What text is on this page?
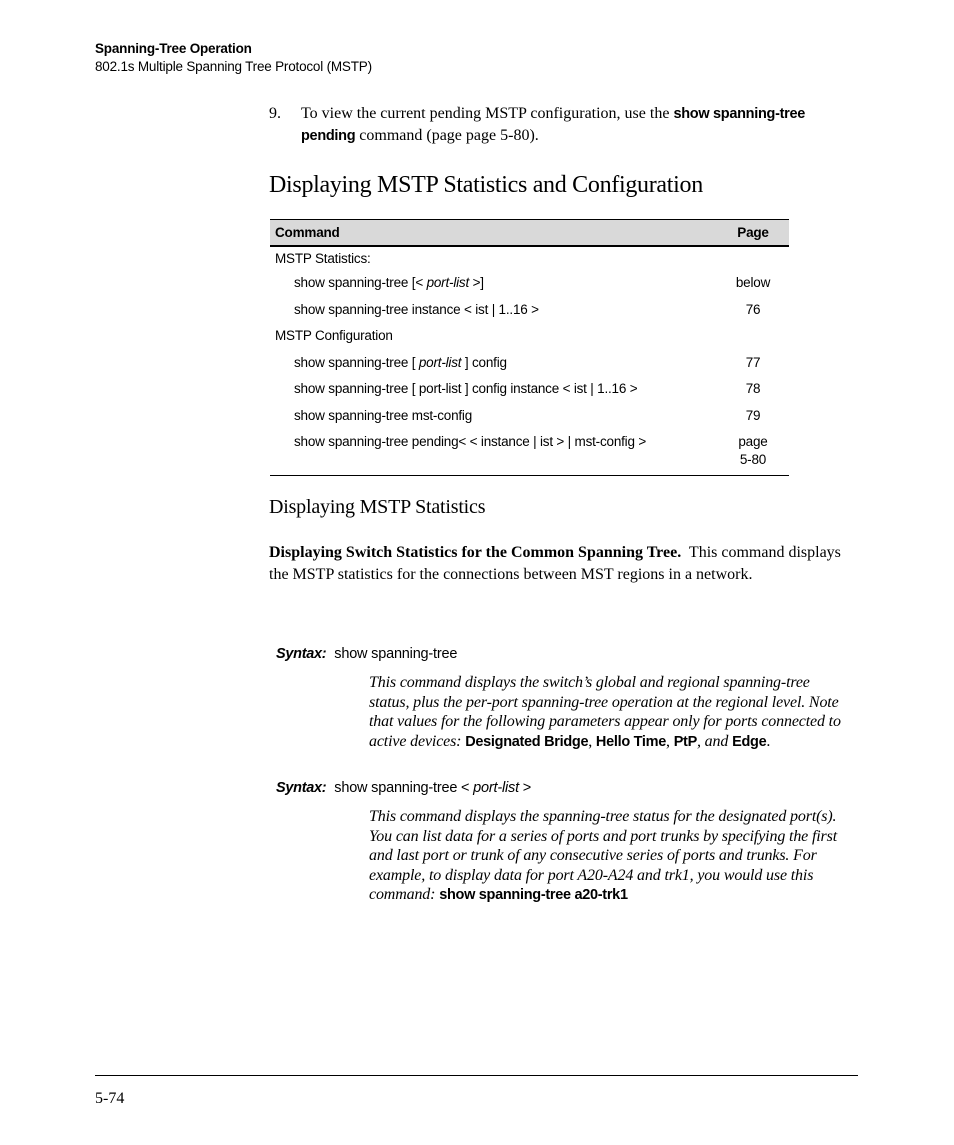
Spanning-Tree Operation
802.1s Multiple Spanning Tree Protocol (MSTP)
9. To view the current pending MSTP configuration, use the show spanning-tree pending command (page page 5-80).
Displaying MSTP Statistics and Configuration
Command	Page
MSTP Statistics:	
show spanning-tree [< port-list >]	below
show spanning-tree instance < ist | 1..16 >	76
MSTP Configuration	
show spanning-tree [ port-list ] config	77
show spanning-tree [ port-list ] config instance < ist | 1..16 >	78
show spanning-tree mst-config	79
show spanning-tree pending< < instance | ist > | mst-config >	page
5-80

Displaying MSTP Statistics
Displaying Switch Statistics for the Common Spanning Tree.  This command displays the MSTP statistics for the connections between MST regions in a network.
Syntax: show spanning-tree
This command displays the switch’s global and regional spanning-tree status, plus the per-port spanning-tree operation at the regional level. Note that values for the following parameters appear only for ports connected to active devices: Designated Bridge, Hello Time, PtP, and Edge.
Syntax: show spanning-tree < port-list >
This command displays the spanning-tree status for the designated port(s). You can list data for a series of ports and port trunks by specifying the first and last port or trunk of any consecutive series of ports and trunks. For example, to display data for port A20-A24 and trk1, you would use this command: show spanning-tree a20-trk1
5-74
